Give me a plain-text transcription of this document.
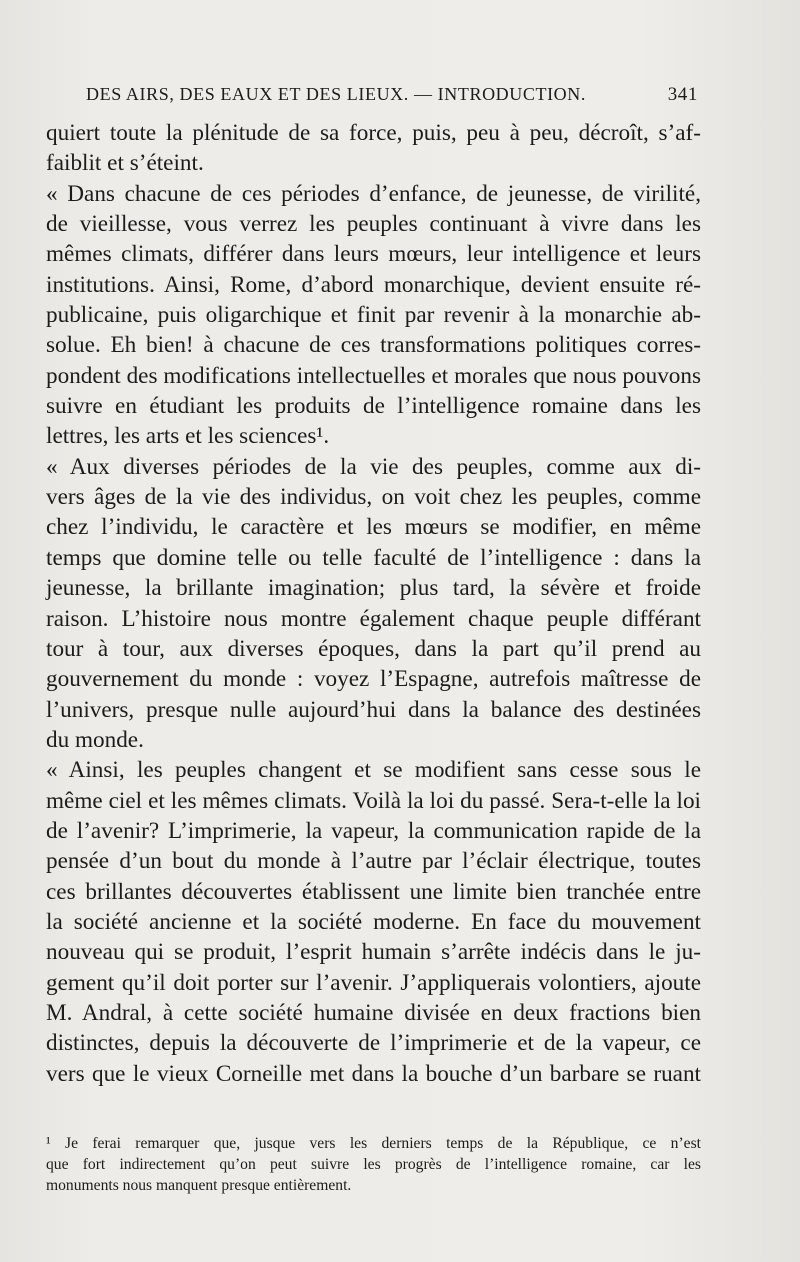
DES AIRS, DES EAUX ET DES LIEUX. — INTRODUCTION.	341
quiert toute la plénitude de sa force, puis, peu à peu, décroît, s’af-
faiblit et s’éteint.
« Dans chacune de ces périodes d’enfance, de jeunesse, de virilité,
de vieillesse, vous verrez les peuples continuant à vivre dans les
mêmes climats, différer dans leurs mœurs, leur intelligence et leurs
institutions. Ainsi, Rome, d’abord monarchique, devient ensuite ré-
publicaine, puis oligarchique et finit par revenir à la monarchie ab-
solue. Eh bien! à chacune de ces transformations politiques corres-
pondent des modifications intellectuelles et morales que nous pouvons
suivre en étudiant les produits de l’intelligence romaine dans les
lettres, les arts et les sciences¹.
« Aux diverses périodes de la vie des peuples, comme aux di-
vers âges de la vie des individus, on voit chez les peuples, comme
chez l’individu, le caractère et les mœurs se modifier, en même
temps que domine telle ou telle faculté de l’intelligence : dans la
jeunesse, la brillante imagination; plus tard, la sévère et froide
raison. L’histoire nous montre également chaque peuple différant
tour à tour, aux diverses époques, dans la part qu’il prend au
gouvernement du monde : voyez l’Espagne, autrefois maîtresse de
l’univers, presque nulle aujourd’hui dans la balance des destinées
du monde.
« Ainsi, les peuples changent et se modifient sans cesse sous le
même ciel et les mêmes climats. Voilà la loi du passé. Sera-t-elle la loi
de l’avenir? L’imprimerie, la vapeur, la communication rapide de la
pensée d’un bout du monde à l’autre par l’éclair électrique, toutes
ces brillantes découvertes établissent une limite bien tranchée entre
la société ancienne et la société moderne. En face du mouvement
nouveau qui se produit, l’esprit humain s’arrête indécis dans le ju-
gement qu’il doit porter sur l’avenir. J’appliquerais volontiers, ajoute
M. Andral, à cette société humaine divisée en deux fractions bien
distinctes, depuis la découverte de l’imprimerie et de la vapeur, ce
vers que le vieux Corneille met dans la bouche d’un barbare se ruant
¹ Je ferai remarquer que, jusque vers les derniers temps de la République, ce n’est
que fort indirectement qu’on peut suivre les progrès de l’intelligence romaine, car les
monuments nous manquent presque entièrement.
